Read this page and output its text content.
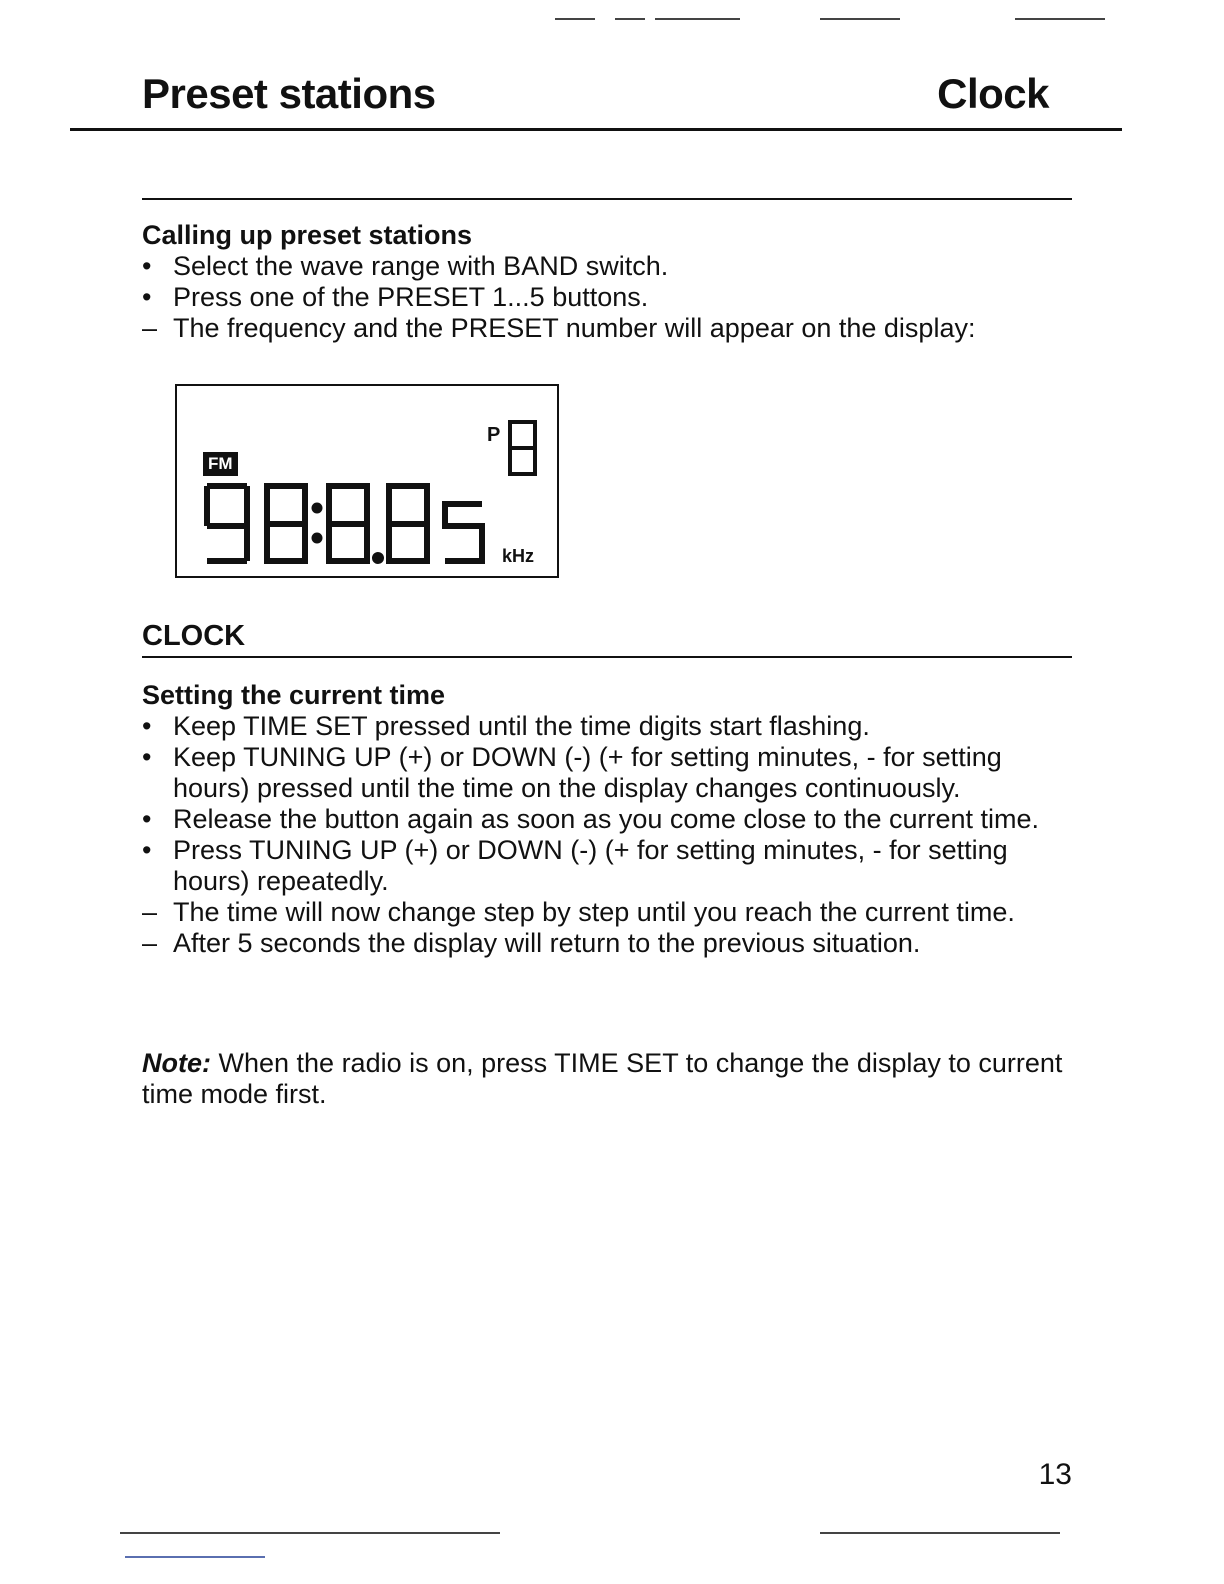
Preset stations	Clock
Calling up preset stations
• Select the wave range with BAND switch.
• Press one of the PRESET 1...5 buttons.
– The frequency and the PRESET number will appear on the display:
FM
P
kHz
CLOCK
Setting the current time
• Keep TIME SET pressed until the time digits start flashing.
• Keep TUNING UP (+) or DOWN (-) (+ for setting minutes, - for setting hours) pressed until the time on the display changes continuously.
• Release the button again as soon as you come close to the current time.
• Press TUNING UP (+) or DOWN (-) (+ for setting minutes, - for setting hours) repeatedly.
– The time will now change step by step until you reach the current time.
– After 5 seconds the display will return to the previous situation.
Note: When the radio is on, press TIME SET to change the display to current time mode first.
13
